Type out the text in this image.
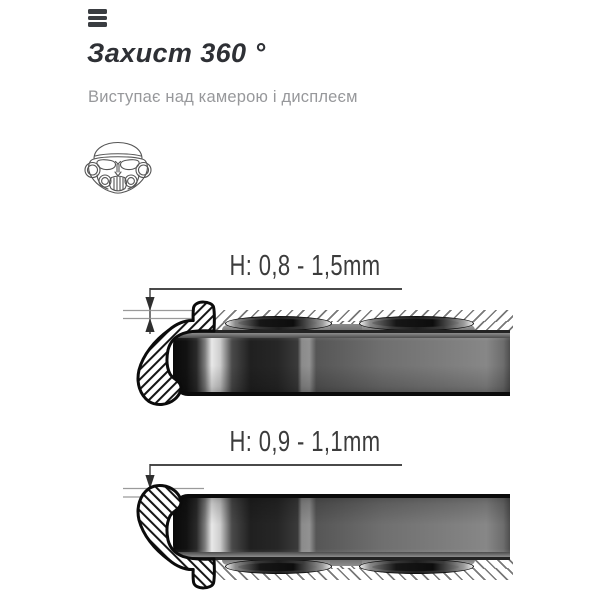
Захист 360 °
Виступає над камерою і дисплеєм
H: 0,8 - 1,5mm
H: 0,9 - 1,1mm
